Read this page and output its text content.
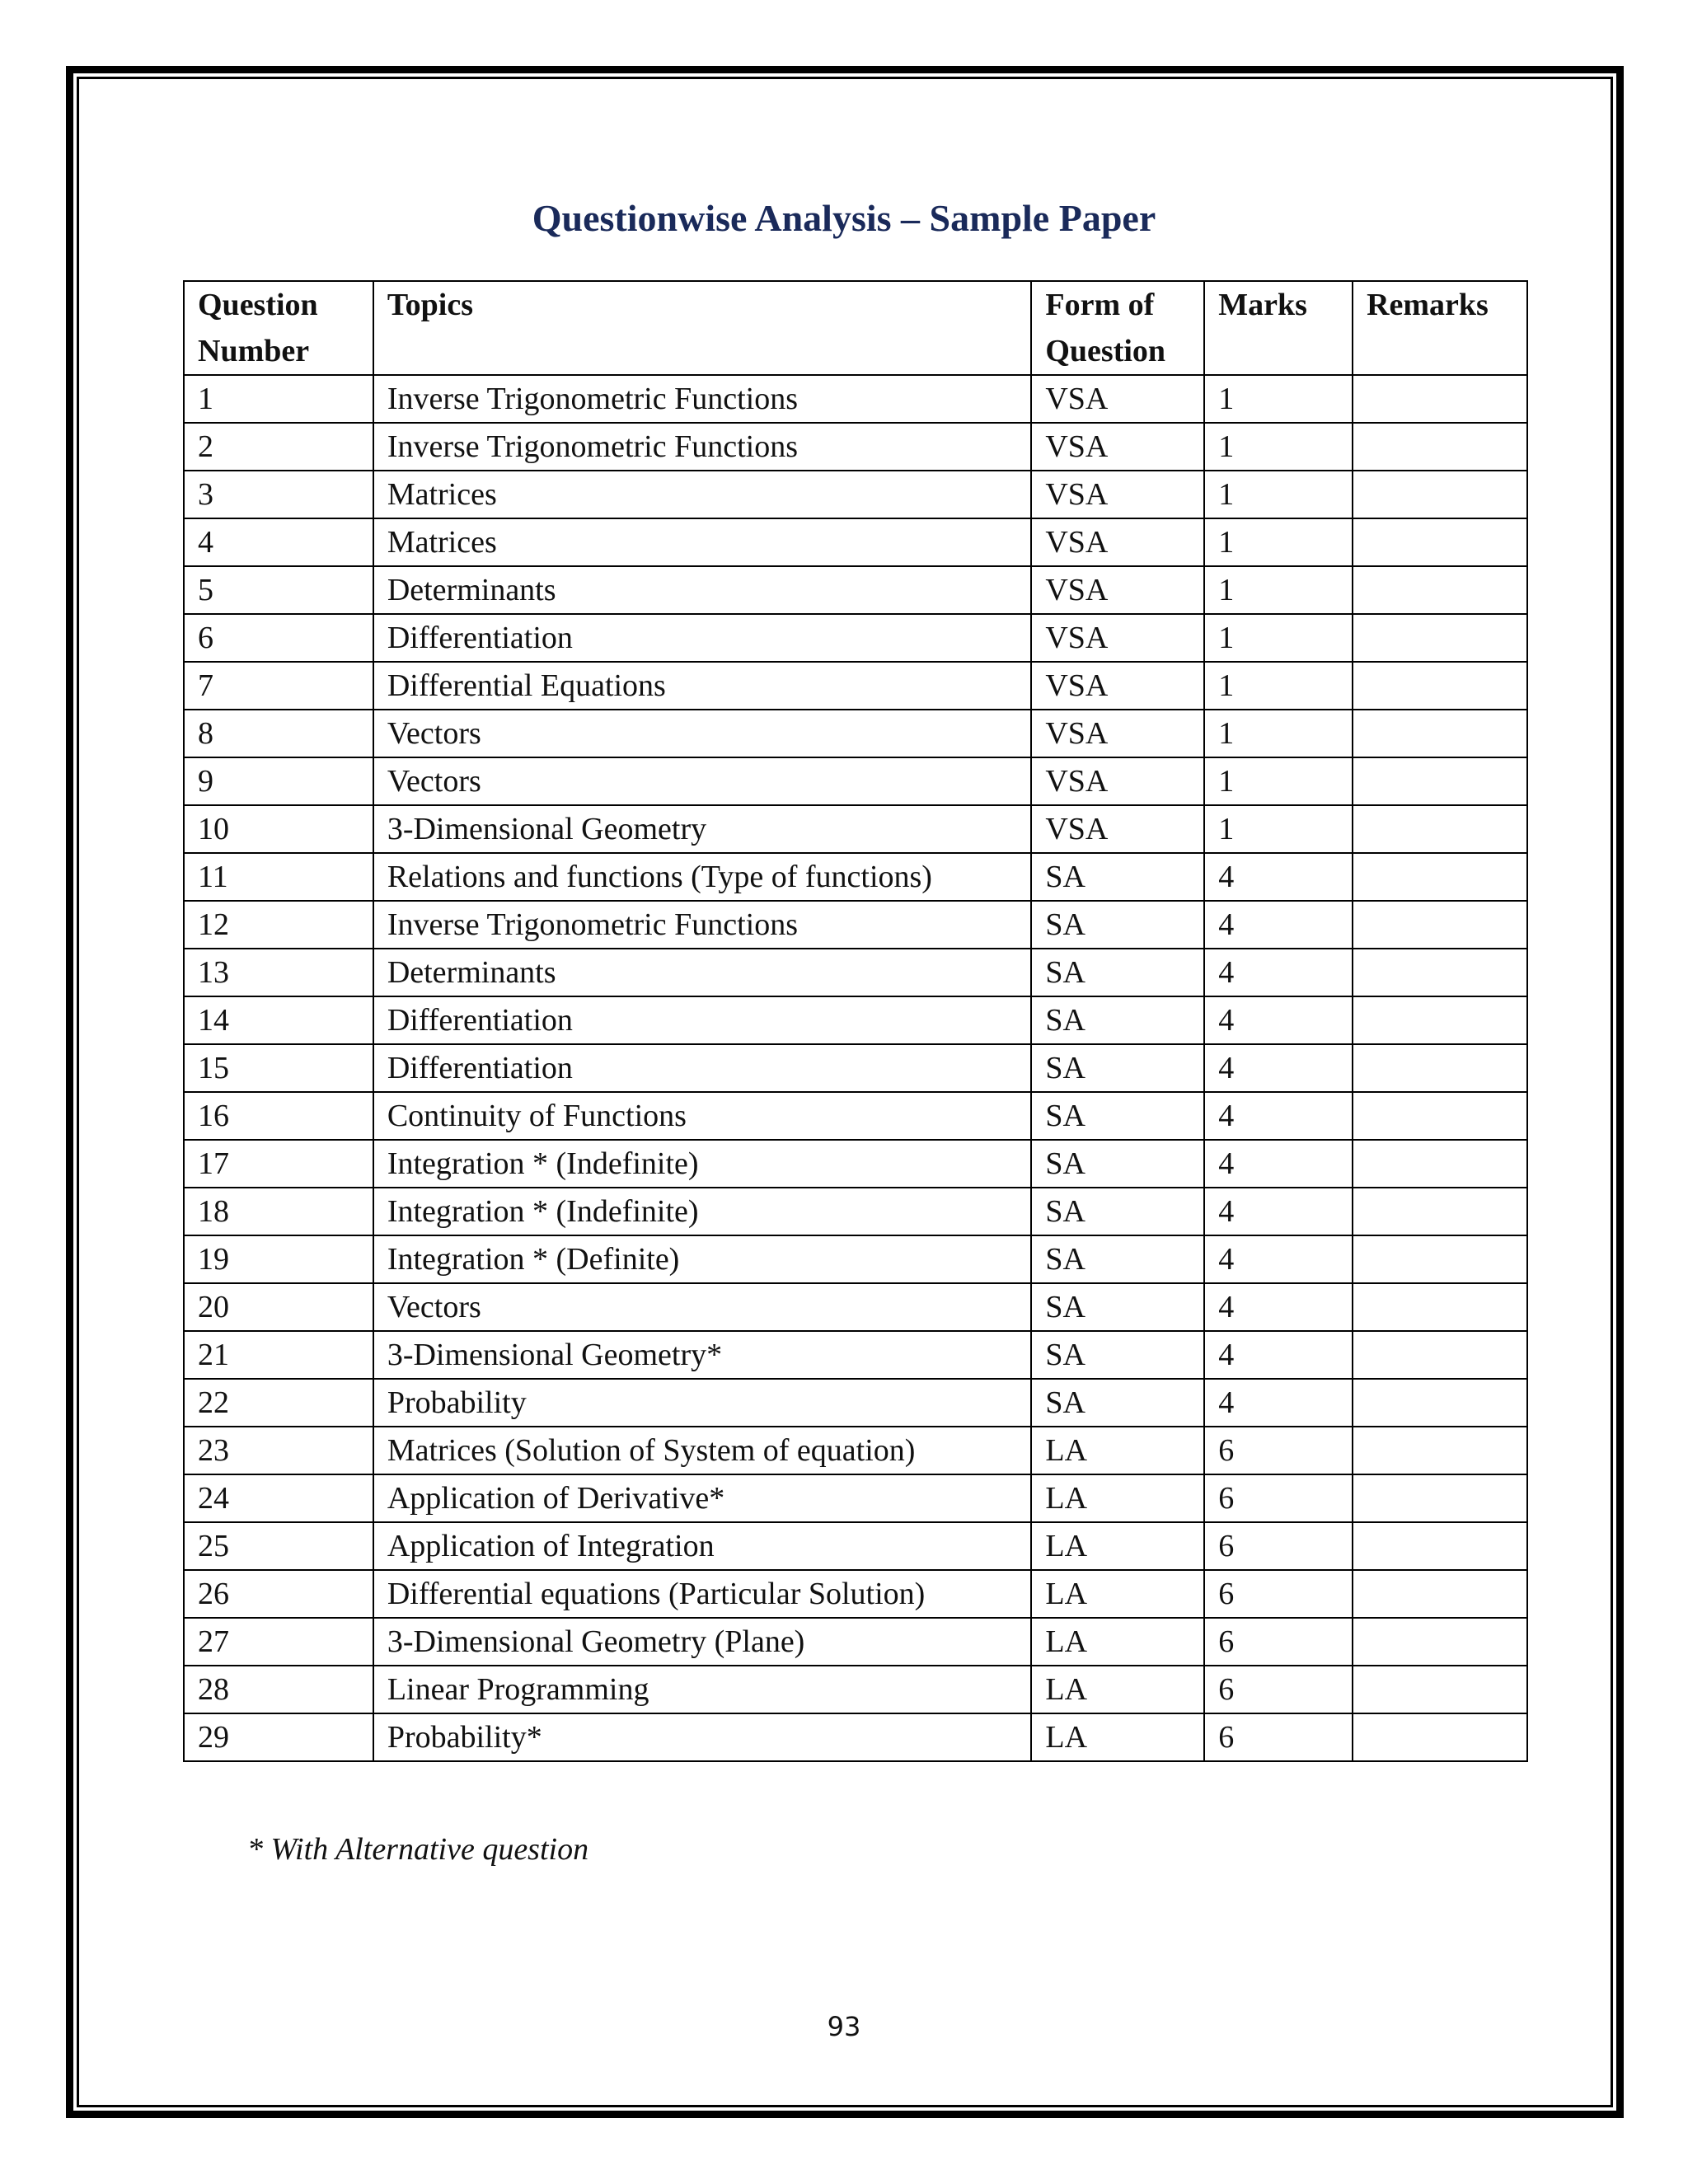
Questionwise Analysis – Sample Paper
Question Number	Topics	Form of Question	Marks	Remarks
1	Inverse Trigonometric Functions	VSA	1	
2	Inverse Trigonometric Functions	VSA	1	
3	Matrices	VSA	1	
4	Matrices	VSA	1	
5	Determinants	VSA	1	
6	Differentiation	VSA	1	
7	Differential Equations	VSA	1	
8	Vectors	VSA	1	
9	Vectors	VSA	1	
10	3-Dimensional Geometry	VSA	1	
11	Relations and functions (Type of functions)	SA	4	
12	Inverse Trigonometric Functions	SA	4	
13	Determinants	SA	4	
14	Differentiation	SA	4	
15	Differentiation	SA	4	
16	Continuity of Functions	SA	4	
17	Integration * (Indefinite)	SA	4	
18	Integration * (Indefinite)	SA	4	
19	Integration * (Definite)	SA	4	
20	Vectors	SA	4	
21	3-Dimensional Geometry*	SA	4	
22	Probability	SA	4	
23	Matrices (Solution of System of equation)	LA	6	
24	Application of Derivative*	LA	6	
25	Application of Integration	LA	6	
26	Differential equations (Particular Solution)	LA	6	
27	3-Dimensional Geometry (Plane)	LA	6	
28	Linear Programming	LA	6	
29	Probability*	LA	6	

* With Alternative question

93
